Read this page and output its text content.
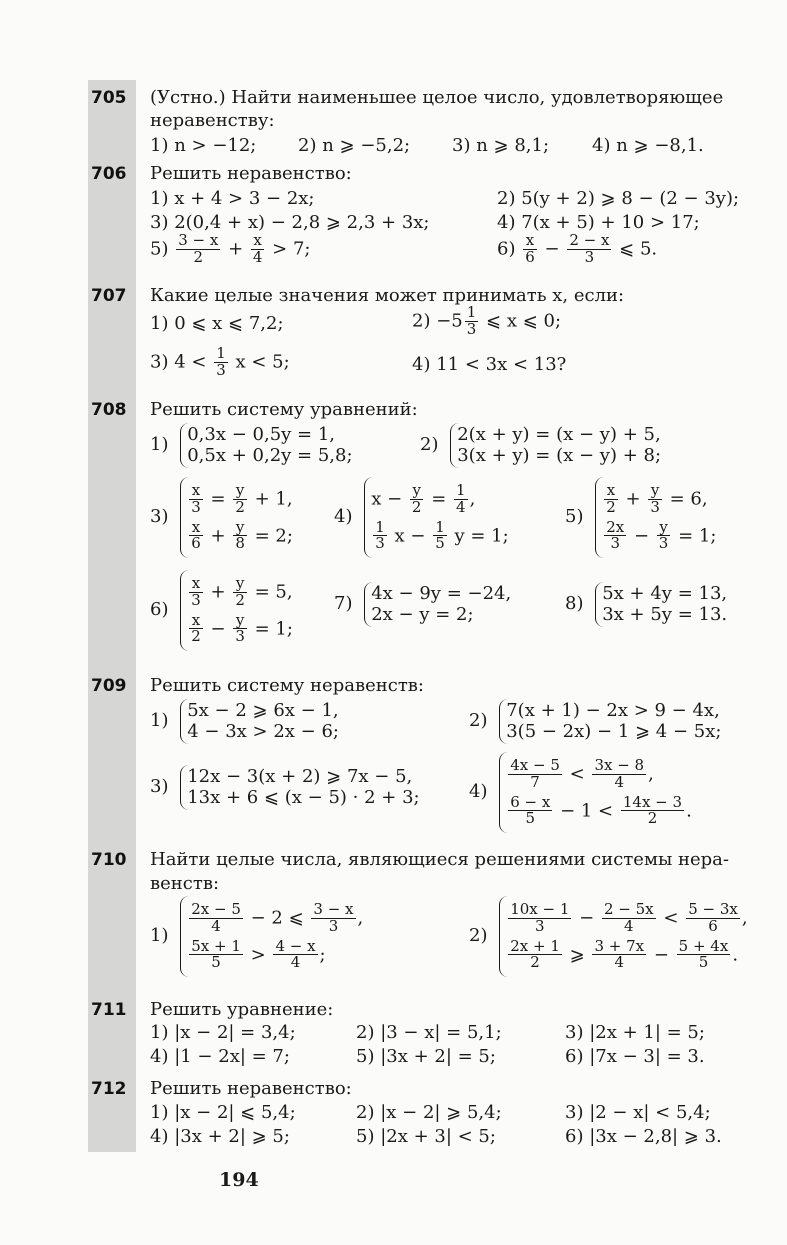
705 (Устно.) Найти наименьшее целое число, удовлетворяющее
неравенству:
1) n > −12; 2) n ⩾ −5,2; 3) n ⩾ 8,1; 4) n ⩾ −8,1.
706 Решить неравенство:
1) x + 4 > 3 − 2x;	2) 5(y + 2) ⩾ 8 − (2 − 3y);
3) 2(0,4 + x) − 2,8 ⩾ 2,3 + 3x;	4) 7(x + 5) + 10 > 17;
$5) \frac{3 - x}{2} + \frac{x}{4} > 7$;	$6) \frac{x}{6} - \frac{2 - x}{3}$ ⩽ 5.
707 Какие целые значения может принимать x, если:
1) 0 ⩽ x ⩽ 7,2;	$2) -5 \frac{1}{3}$ ⩽ x ⩽ 0;
3) $4 < \frac{1}{3}$ x < 5;	4) 11 < 3x < 13?
708 Решить систему уравнений:
1) 0,3x − 0,5y = 1,
0,5x + 0,2y = 5,8;	2) 2(x + y) = (x − y) + 5,
3(x + y) = (x − y) + 8;
3)
$\frac{x}{3} = \frac{y}{2} + 1$,
$\frac{x}{6} + \frac{y}{8} = 2$;
4)
$x - \frac{y}{2} = \frac{1}{4}$ ,
$\frac{1}{3}$ $x - \frac{1}{5}$ y = 1;
5)
$\frac{x}{2} + \frac{y}{3} = 6$,
$\frac{2x}{3} - \frac{y}{3} = 1$;
6)
$\frac{x}{3} + \frac{y}{2} = 5$,
$\frac{x}{2} - \frac{y}{3} = 1$;
7) 4x − 9y = −24,
2x − y = 2;	8) 5x + 4y = 13,
3x + 5y = 13.
709 Решить систему неравенств:
1) 5x − 2 ⩾ 6x − 1,
4 − 3x > 2x − 6;	2) 7(x + 1) − 2x > 9 − 4x,
3(5 − 2x) − 1 ⩾ 4 − 5x;
3) 12x − 3(x + 2) ⩾ 7x − 5,
13x + 6 ⩽ (x − 5) · 2 + 3;	4)
$\frac{4x - 5}{7} < \frac{3x - 8}{4}$ ,
$\frac{6 - x}{5} - 1 < \frac{14x - 3}{2}$ .
710 Найти целые числа, являющиеся решениями системы нера-
венств:
1)
$\frac{2x - 5}{4} - 2$ ⩽ $\frac{3 - x}{3}$ ,
$\frac{5x + 1}{5} > \frac{4 - x}{4}$ ;
2)
$\frac{10x - 1}{3} - \frac{2 - 5x}{4} < \frac{5 - 3x}{6}$ ,
$\frac{2x + 1}{2}$ ⩾ $\frac{3 + 7x}{4} - \frac{5 + 4x}{5}$ .
711 Решить уравнение:
1) |x − 2| = 3,4;	2) |3 − x| = 5,1;	3) |2x + 1| = 5;
4) |1 − 2x| = 7;	5) |3x + 2| = 5;	6) |7x − 3| = 3.
712 Решить неравенство:
1) |x − 2| ⩽ 5,4;	2) |x − 2| ⩾ 5,4;	3) |2 − x| < 5,4;
4) |3x + 2| ⩾ 5;	5) |2x + 3| < 5;	6) |3x − 2,8| ⩾ 3.
194
